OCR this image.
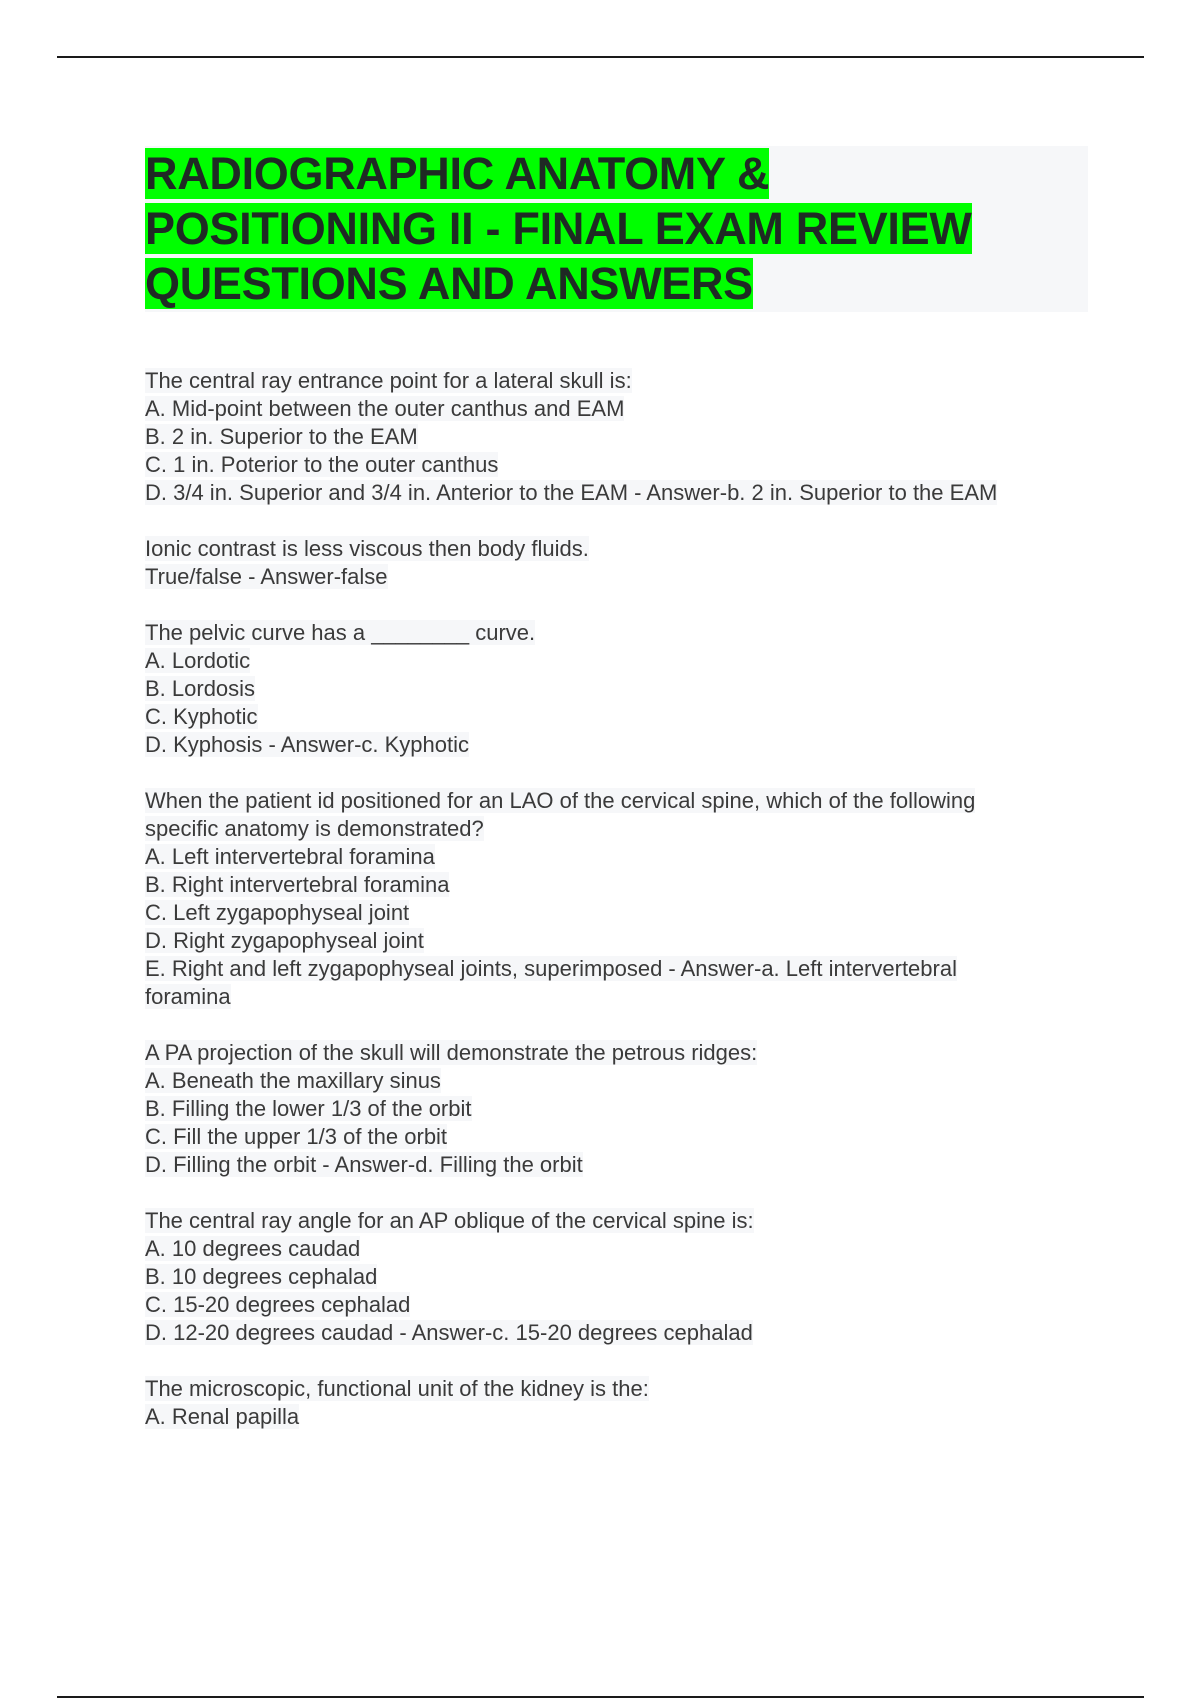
RADIOGRAPHIC ANATOMY &
POSITIONING II - FINAL EXAM REVIEW
QUESTIONS AND ANSWERS
The central ray entrance point for a lateral skull is:
A. Mid-point between the outer canthus and EAM
B. 2 in. Superior to the EAM
C. 1 in. Poterior to the outer canthus
D. 3/4 in. Superior and 3/4 in. Anterior to the EAM - Answer-b. 2 in. Superior to the EAM
Ionic contrast is less viscous then body fluids.
True/false - Answer-false
The pelvic curve has a ________ curve.
A. Lordotic
B. Lordosis
C. Kyphotic
D. Kyphosis - Answer-c. Kyphotic
When the patient id positioned for an LAO of the cervical spine, which of the following
specific anatomy is demonstrated?
A. Left intervertebral foramina
B. Right intervertebral foramina
C. Left zygapophyseal joint
D. Right zygapophyseal joint
E. Right and left zygapophyseal joints, superimposed - Answer-a. Left intervertebral
foramina
A PA projection of the skull will demonstrate the petrous ridges:
A. Beneath the maxillary sinus
B. Filling the lower 1/3 of the orbit
C. Fill the upper 1/3 of the orbit
D. Filling the orbit - Answer-d. Filling the orbit
The central ray angle for an AP oblique of the cervical spine is:
A. 10 degrees caudad
B. 10 degrees cephalad
C. 15-20 degrees cephalad
D. 12-20 degrees caudad - Answer-c. 15-20 degrees cephalad
The microscopic, functional unit of the kidney is the:
A. Renal papilla
